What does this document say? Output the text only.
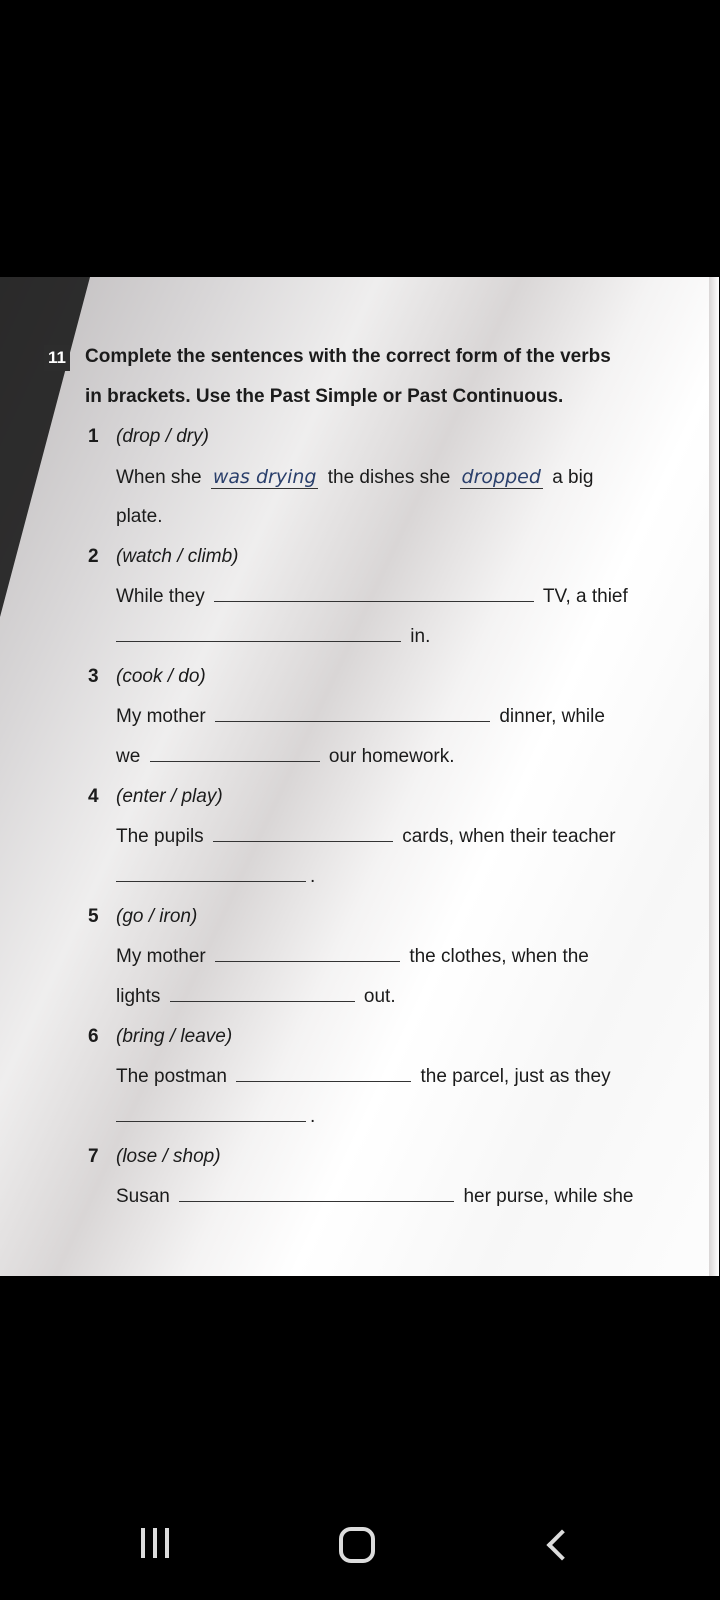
11 Complete the sentences with the correct form of the verbs in brackets. Use the Past Simple or Past Continuous.
1 (drop / dry)
When she was drying the dishes she dropped a big
plate.
2 (watch / climb)
While they	TV, a thief
in.
3 (cook / do)
My mother	dinner, while
we	our homework.
4 (enter / play)
The pupils	cards, when their teacher
.
5 (go / iron)
My mother	the clothes, when the
lights	out.
6 (bring / leave)
The postman	the parcel, just as they
.
7 (lose / shop)
Susan	her purse, while she
